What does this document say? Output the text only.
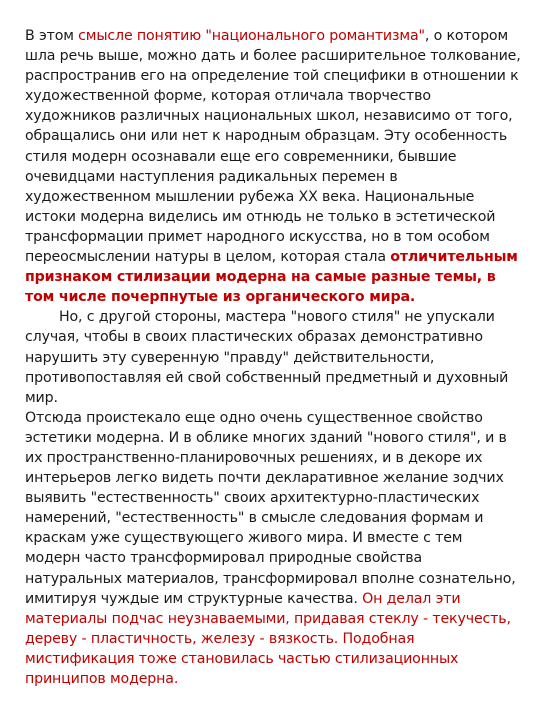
В этом смысле понятию "национального романтизма", о котором шла речь выше, можно дать и более расширительное толкование, распространив его на определение той специфики в отношении к художественной форме, которая отличала творчество художников различных национальных школ, независимо от того, обращались они или нет к народным образцам. Эту особенность стиля модерн осознавали еще его современники, бывшие очевидцами наступления радикальных перемен в художественном мышлении рубежа XX века. Национальные истоки модерна виделись им отнюдь не только в эстетической трансформации примет народного искусства, но в том особом переосмыслении натуры в целом, которая стала отличительным признаком стилизации модерна на самые разные темы, в том числе почерпнутые из органического мира.

Но, с другой стороны, мастера "нового стиля" не упускали случая, чтобы в своих пластических образах демонстративно нарушить эту суверенную "правду" действительности, противопоставляя ей свой собственный предметный и духовный мир.

Отсюда проистекало еще одно очень существенное свойство эстетики модерна. И в облике многих зданий "нового стиля", и в их пространственно-планировочных решениях, и в декоре их интерьеров легко видеть почти декларативное желание зодчих выявить "естественность" своих архитектурно-пластических намерений, "естественность" в смысле следования формам и краскам уже существующего живого мира. И вместе с тем модерн часто трансформировал природные свойства натуральных материалов, трансформировал вполне сознательно, имитируя чуждые им структурные качества. Он делал эти материалы подчас неузнаваемыми, придавая стеклу - текучесть, дереву - пластичность, железу - вязкость. Подобная мистификация тоже становилась частью стилизационных принципов модерна.
